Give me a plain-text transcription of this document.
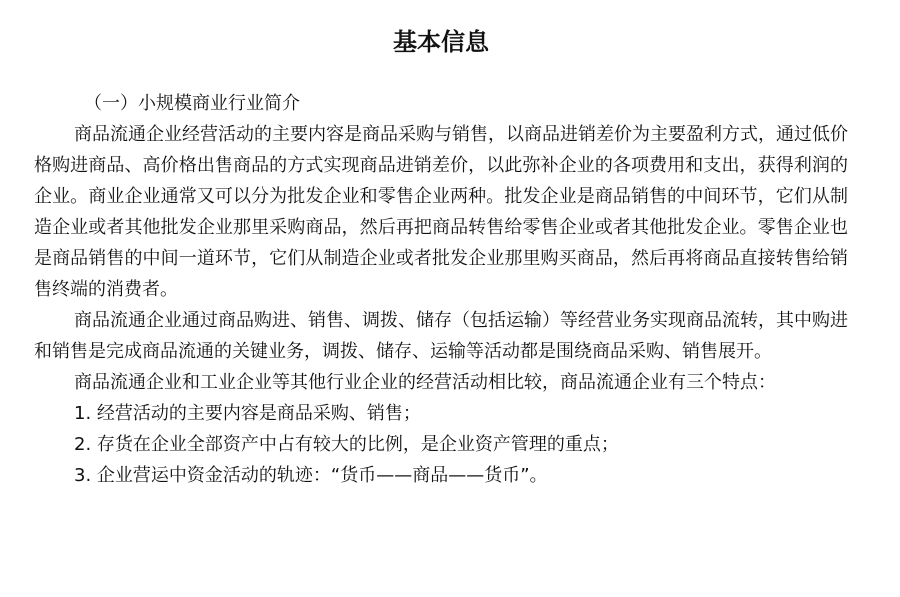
基本信息

（一）小规模商业行业简介

商品流通企业经营活动的主要内容是商品采购与销售，以商品进销差价为主要盈利方式，通过低价格购进商品、高价格出售商品的方式实现商品进销差价，以此弥补企业的各项费用和支出，获得利润的企业。商业企业通常又可以分为批发企业和零售企业两种。批发企业是商品销售的中间环节，它们从制造企业或者其他批发企业那里采购商品，然后再把商品转售给零售企业或者其他批发企业。零售企业也是商品销售的中间一道环节，它们从制造企业或者批发企业那里购买商品，然后再将商品直接转售给销售终端的消费者。

商品流通企业通过商品购进、销售、调拨、储存（包括运输）等经营业务实现商品流转，其中购进和销售是完成商品流通的关键业务，调拨、储存、运输等活动都是围绕商品采购、销售展开。

商品流通企业和工业企业等其他行业企业的经营活动相比较，商品流通企业有三个特点：

1. 经营活动的主要内容是商品采购、销售；
2. 存货在企业全部资产中占有较大的比例，是企业资产管理的重点；
3. 企业营运中资金活动的轨迹：“货币——商品——货币”。
